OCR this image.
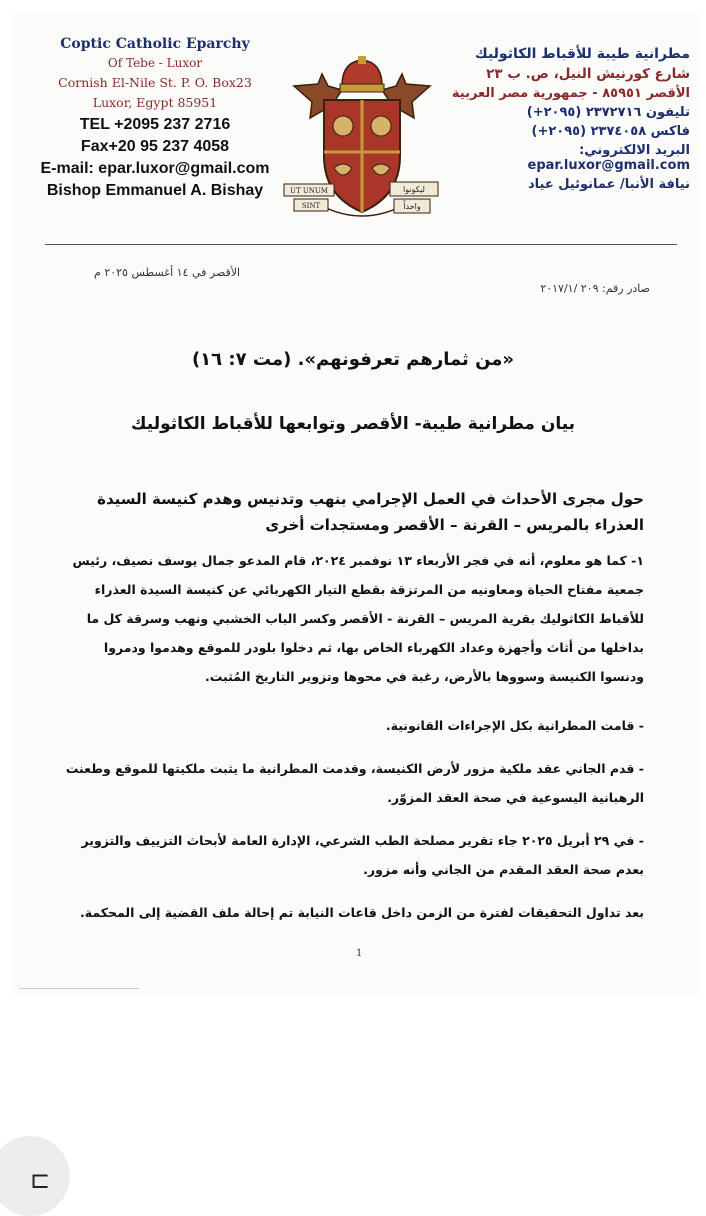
Coptic Catholic Eparchy
Of Tebe - Luxor
Cornish El-Nile St. P. O. Box23
Luxor, Egypt 85951
TEL +2095 237 2716
Fax+20 95 237 4058
E-mail: epar.luxor@gmail.com
Bishop Emmanuel A. Bishay	UT UNUM
SINT
ليكونوا
واحداً
مطرانية طيبة للأقباط الكاثوليك
شارع كورنيش النيل، ص. ب ٢٣
الأقصر ٨٥٩٥١ - جمهورية مصر العربية
تليفون ٢٣٧٢٧١٦ (٢٠٩٥+)
فاكس ٢٣٧٤٠٥٨ (٢٠٩٥+)
البريد الالكتروني: epar.luxor@gmail.com
نيافة الأنبا/ عمانوئيل عياد
الأقصر في ١٤ أغسطس ٢٠٢٥ م
صادر رقم: ٢٠٩ /٢٠١٧/١
«من ثمارهم تعرفونهم». (مت ٧: ١٦)
بيان مطرانية طيبة- الأقصر وتوابعها للأقباط الكاثوليك
حول مجرى الأحداث في العمل الإجرامي بنهب وتدنيس وهدم كنيسة السيدة العذراء بالمريس – القرنة – الأقصر ومستجدات أخرى
١- كما هو معلوم، أنه في فجر الأربعاء ١٣ نوفمبر ٢٠٢٤، قام المدعو جمال يوسف نصيف، رئيس جمعية مفتاح الحياة ومعاونيه من المرتزقة بقطع التيار الكهربائي عن كنيسة السيدة العذراء للأقباط الكاثوليك بقرية المريس – القرنة - الأقصر وكسر الباب الخشبي ونهب وسرقة كل ما بداخلها من أثاث وأجهزة وعداد الكهرباء الخاص بها، ثم دخلوا بلودر للموقع وهدموا ودمروا ودنسوا الكنيسة وسووها بالأرض، رغبة في محوها وتزوير التاريخ المُثبت.
- قامت المطرانية بكل الإجراءات القانونية.
- قدم الجاني عقد ملكية مزور لأرض الكنيسة، وقدمت المطرانية ما يثبت ملكيتها للموقع وطعنت الرهبانية اليسوعية في صحة العقد المزوّر.
- في ٢٩ أبريل ٢٠٢٥ جاء تقرير مصلحة الطب الشرعي، الإدارة العامة لأبحاث التزييف والتزوير بعدم صحة العقد المقدم من الجاني وأنه مزور.
بعد تداول التحقيقات لفترة من الزمن داخل قاعات النيابة تم إحالة ملف القضية إلى المحكمة.
1
⊏
